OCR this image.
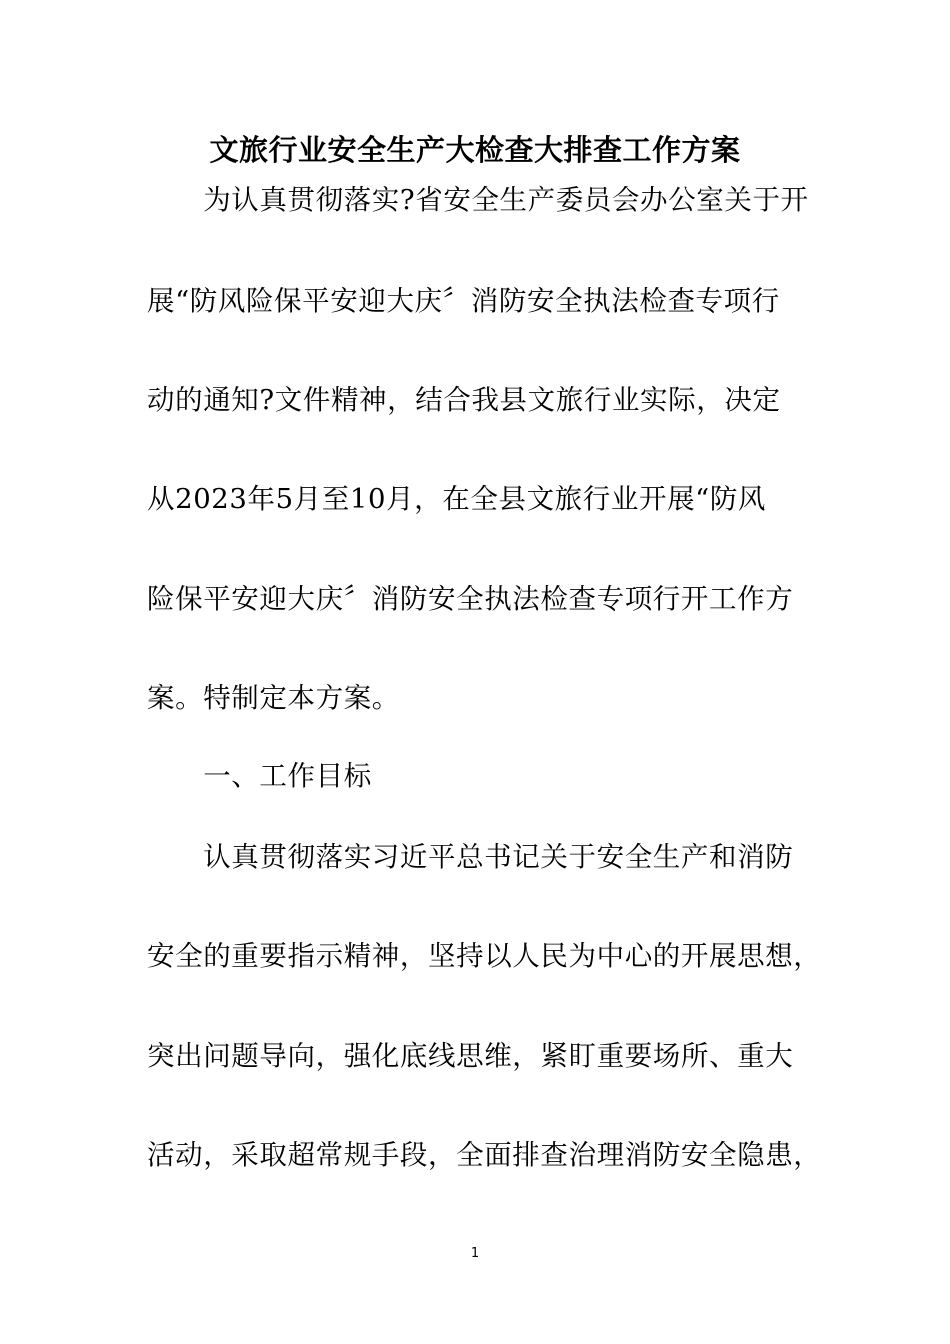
文旅行业安全生产大检查大排查工作方案
　　为认真贯彻落实?省安全生产委员会办公室关于开
展“防风险保平安迎大庆〞消防安全执法检查专项行
动的通知?文件精神，结合我县文旅行业实际，决定
从2023年5月至10月，在全县文旅行业开展“防风
险保平安迎大庆〞消防安全执法检查专项行开工作方
案。特制定本方案。
　　一、工作目标
　　认真贯彻落实习近平总书记关于安全生产和消防
安全的重要指示精神，坚持以人民为中心的开展思想，
突出问题导向，强化底线思维，紧盯重要场所、重大
活动，采取超常规手段，全面排查治理消防安全隐患，
1
